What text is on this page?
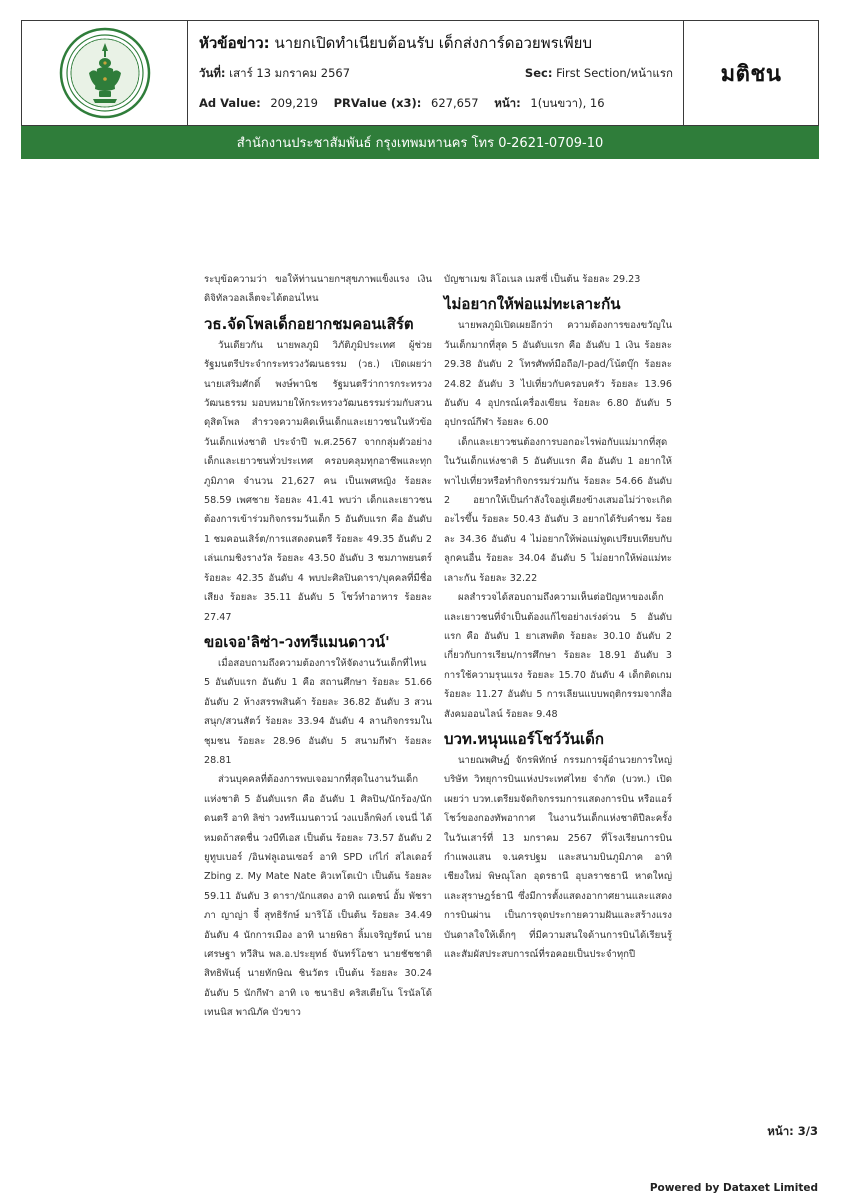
หัวข้อข่าว: นายกเปิดทำเนียบต้อนรับ เด็กส่งการ์ดอวยพรเพียบ
วันที่: เสาร์ 13 มกราคม 2567	Sec: First Section/หน้าแรก
Ad Value: 209,219 PRValue (x3): 627,657 หน้า: 1(บนขวา), 16
มติชน
สำนักงานประชาสัมพันธ์ กรุงเทพมหานคร โทร 0-2621-0709-10

ระบุข้อความว่า ขอให้ท่านนายกฯสุขภาพแข็งแรง เงินดิจิทัลวอลเล็ตจะได้ตอนไหน

วธ.จัดโพลเด็กอยากชมคอนเสิร์ต

วันเดียวกัน นายพลภูมิ วิภัติภูมิประเทศ ผู้ช่วยรัฐมนตรีประจำกระทรวงวัฒนธรรม (วธ.) เปิดเผยว่า นายเสริมศักดิ์ พงษ์พานิช รัฐมนตรีว่าการกระทรวงวัฒนธรรม มอบหมายให้กระทรวงวัฒนธรรมร่วมกับสวนดุสิตโพล สำรวจความคิดเห็นเด็กและเยาวชนในหัวข้อวันเด็กแห่งชาติ ประจำปี พ.ศ.2567 จากกลุ่มตัวอย่างเด็กและเยาวชนทั่วประเทศ ครอบคลุมทุกอาชีพและทุกภูมิภาค จำนวน 21,627 คน เป็นเพศหญิง ร้อยละ 58.59 เพศชาย ร้อยละ 41.41 พบว่า เด็กและเยาวชนต้องการเข้าร่วมกิจกรรมวันเด็ก 5 อันดับแรก คือ อันดับ 1 ชมคอนเสิร์ต/การแสดงดนตรี ร้อยละ 49.35 อันดับ 2 เล่นเกมชิงรางวัล ร้อยละ 43.50 อันดับ 3 ชมภาพยนตร์ ร้อยละ 42.35 อันดับ 4 พบปะศิลปินดารา/บุคคลที่มีชื่อเสียง ร้อยละ 35.11 อันดับ 5 โชว์ทำอาหาร ร้อยละ 27.47

ขอเจอ'ลิซ่า-วงทรีแมนดาวน์'

เมื่อสอบถามถึงความต้องการให้จัดงานวันเด็กที่ไหน 5 อันดับแรก อันดับ 1 คือ สถานศึกษา ร้อยละ 51.66 อันดับ 2 ห้างสรรพสินค้า ร้อยละ 36.82 อันดับ 3 สวนสนุก/สวนสัตว์ ร้อยละ 33.94 อันดับ 4 ลานกิจกรรมในชุมชน ร้อยละ 28.96 อันดับ 5 สนามกีฬา ร้อยละ 28.81

ส่วนบุคคลที่ต้องการพบเจอมากที่สุดในงานวันเด็กแห่งชาติ 5 อันดับแรก คือ อันดับ 1 ศิลปิน/นักร้อง/นักดนตรี อาทิ ลิซ่า วงทรีแมนดาวน์ วงแบล็กพิงก์ เจนนี่ ได้หมดถ้าสดชื่น วงบีทีเอส เป็นต้น ร้อยละ 73.57 อันดับ 2 ยูทูบเบอร์ /อินฟลูเอนเซอร์ อาทิ SPD เก๋ไก๋ สไลเดอร์ Zbing z. My Mate Nate คิวเทโตเป๋า เป็นต้น ร้อยละ 59.11 อันดับ 3 ดารา/นักแสดง อาทิ ณเดชน์ อั้ม พัชราภา ญาญ่า จี๋ สุทธิรักษ์ มาริโอ้ เป็นต้น ร้อยละ 34.49 อันดับ 4 นักการเมือง อาทิ นายพิธา ลิ้มเจริญรัตน์ นายเศรษฐา ทวีสิน พล.อ.ประยุทธ์ จันทร์โอชา นายชัชชาติ สิทธิพันธุ์ นายทักษิณ ชินวัตร เป็นต้น ร้อยละ 30.24 อันดับ 5 นักกีฬา อาทิ เจ ชนาธิป คริสเตียโน โรนัลโด้ เทนนิส พาณิภัค บัวขาว

บัญชาเมฆ ลิโอเนล เมสซี่ เป็นต้น ร้อยละ 29.23

ไม่อยากให้พ่อแม่ทะเลาะกัน

นายพลภูมิเปิดเผยอีกว่า ความต้องการของขวัญในวันเด็กมากที่สุด 5 อันดับแรก คือ อันดับ 1 เงิน ร้อยละ 29.38 อันดับ 2 โทรศัพท์มือถือ/I-pad/โน้ตบุ๊ก ร้อยละ 24.82 อันดับ 3 ไปเที่ยวกับครอบครัว ร้อยละ 13.96 อันดับ 4 อุปกรณ์เครื่องเขียน ร้อยละ 6.80 อันดับ 5 อุปกรณ์กีฬา ร้อยละ 6.00

เด็กและเยาวชนต้องการบอกอะไรพ่อกับแม่มากที่สุดในวันเด็กแห่งชาติ 5 อันดับแรก คือ อันดับ 1 อยากให้พาไปเที่ยวหรือทำกิจกรรมร่วมกัน ร้อยละ 54.66 อันดับ 2 อยากให้เป็นกำลังใจอยู่เคียงข้างเสมอไม่ว่าจะเกิดอะไรขึ้น ร้อยละ 50.43 อันดับ 3 อยากได้รับคำชม ร้อยละ 34.36 อันดับ 4 ไม่อยากให้พ่อแม่พูดเปรียบเทียบกับลูกคนอื่น ร้อยละ 34.04 อันดับ 5 ไม่อยากให้พ่อแม่ทะเลาะกัน ร้อยละ 32.22

ผลสำรวจได้สอบถามถึงความเห็นต่อปัญหาของเด็กและเยาวชนที่จำเป็นต้องแก้ไขอย่างเร่งด่วน 5 อันดับแรก คือ อันดับ 1 ยาเสพติด ร้อยละ 30.10 อันดับ 2 เกี่ยวกับการเรียน/การศึกษา ร้อยละ 18.91 อันดับ 3 การใช้ความรุนแรง ร้อยละ 15.70 อันดับ 4 เด็กติดเกม ร้อยละ 11.27 อันดับ 5 การเลียนแบบพฤติกรรมจากสื่อสังคมออนไลน์ ร้อยละ 9.48

บวท.หนุนแอร์โชว์วันเด็ก

นายณพศิษฏ์ จักรพิทักษ์ กรรมการผู้อำนวยการใหญ่ บริษัท วิทยุการบินแห่งประเทศไทย จำกัด (บวท.) เปิดเผยว่า บวท.เตรียมจัดกิจกรรมการแสดงการบิน หรือแอร์โชว์ของกองทัพอากาศ ในงานวันเด็กแห่งชาติปีละครั้ง ในวันเสาร์ที่ 13 มกราคม 2567 ที่โรงเรียนการบินกำแพงแสน จ.นครปฐม และสนามบินภูมิภาค อาทิ เชียงใหม่ พิษณุโลก อุดรธานี อุบลราชธานี หาดใหญ่ และสุราษฎร์ธานี ซึ่งมีการตั้งแสดงอากาศยานและแสดงการบินผ่าน เป็นการจุดประกายความฝันและสร้างแรงบันดาลใจให้เด็กๆ ที่มีความสนใจด้านการบินได้เรียนรู้ และสัมผัสประสบการณ์ที่รอคอยเป็นประจำทุกปี

หน้า: 3/3
Powered by Dataxet Limited
